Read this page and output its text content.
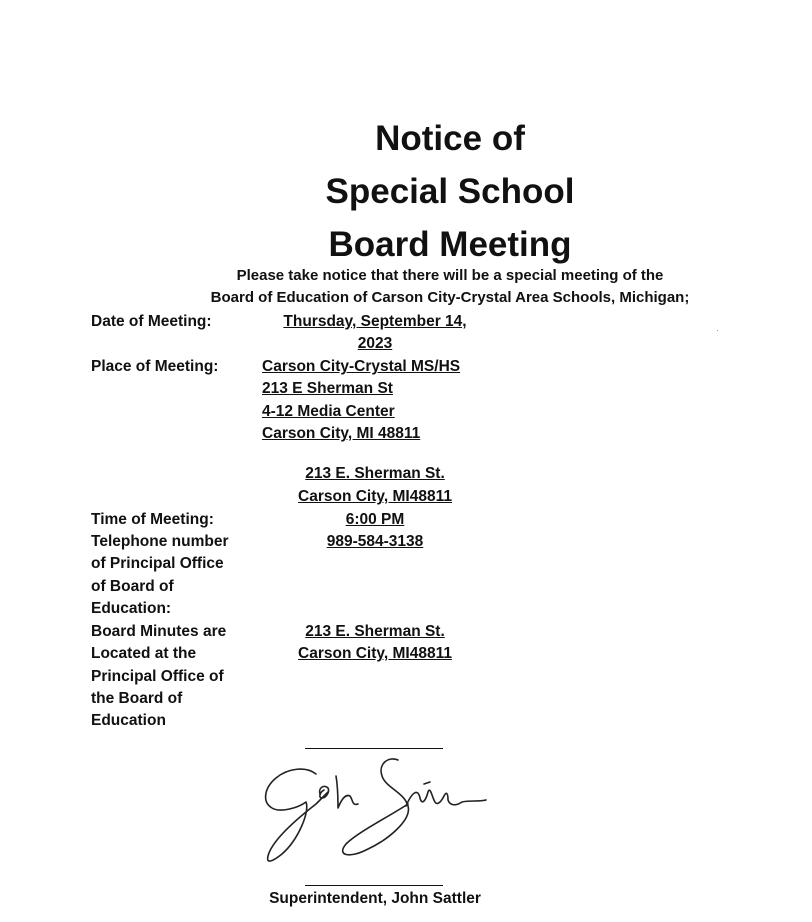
Notice of
Special School
Board Meeting
Please take notice that there will be a special meeting of the
Board of Education of Carson City-Crystal Area Schools, Michigan;
Date of Meeting:	Thursday, September 14,
2023
Place of Meeting:	Carson City-Crystal MS/HS
213 E Sherman St
4-12 Media Center
Carson City, MI 48811
213 E. Sherman St.
Carson City, MI48811
Time of Meeting:	6:00 PM
Telephone number
of Principal Office
of Board of
Education:
989-584-3138
Board Minutes are
Located at the
Principal Office of
the Board of
Education
213 E. Sherman St.
Carson City, MI48811
Superintendent, John Sattler
